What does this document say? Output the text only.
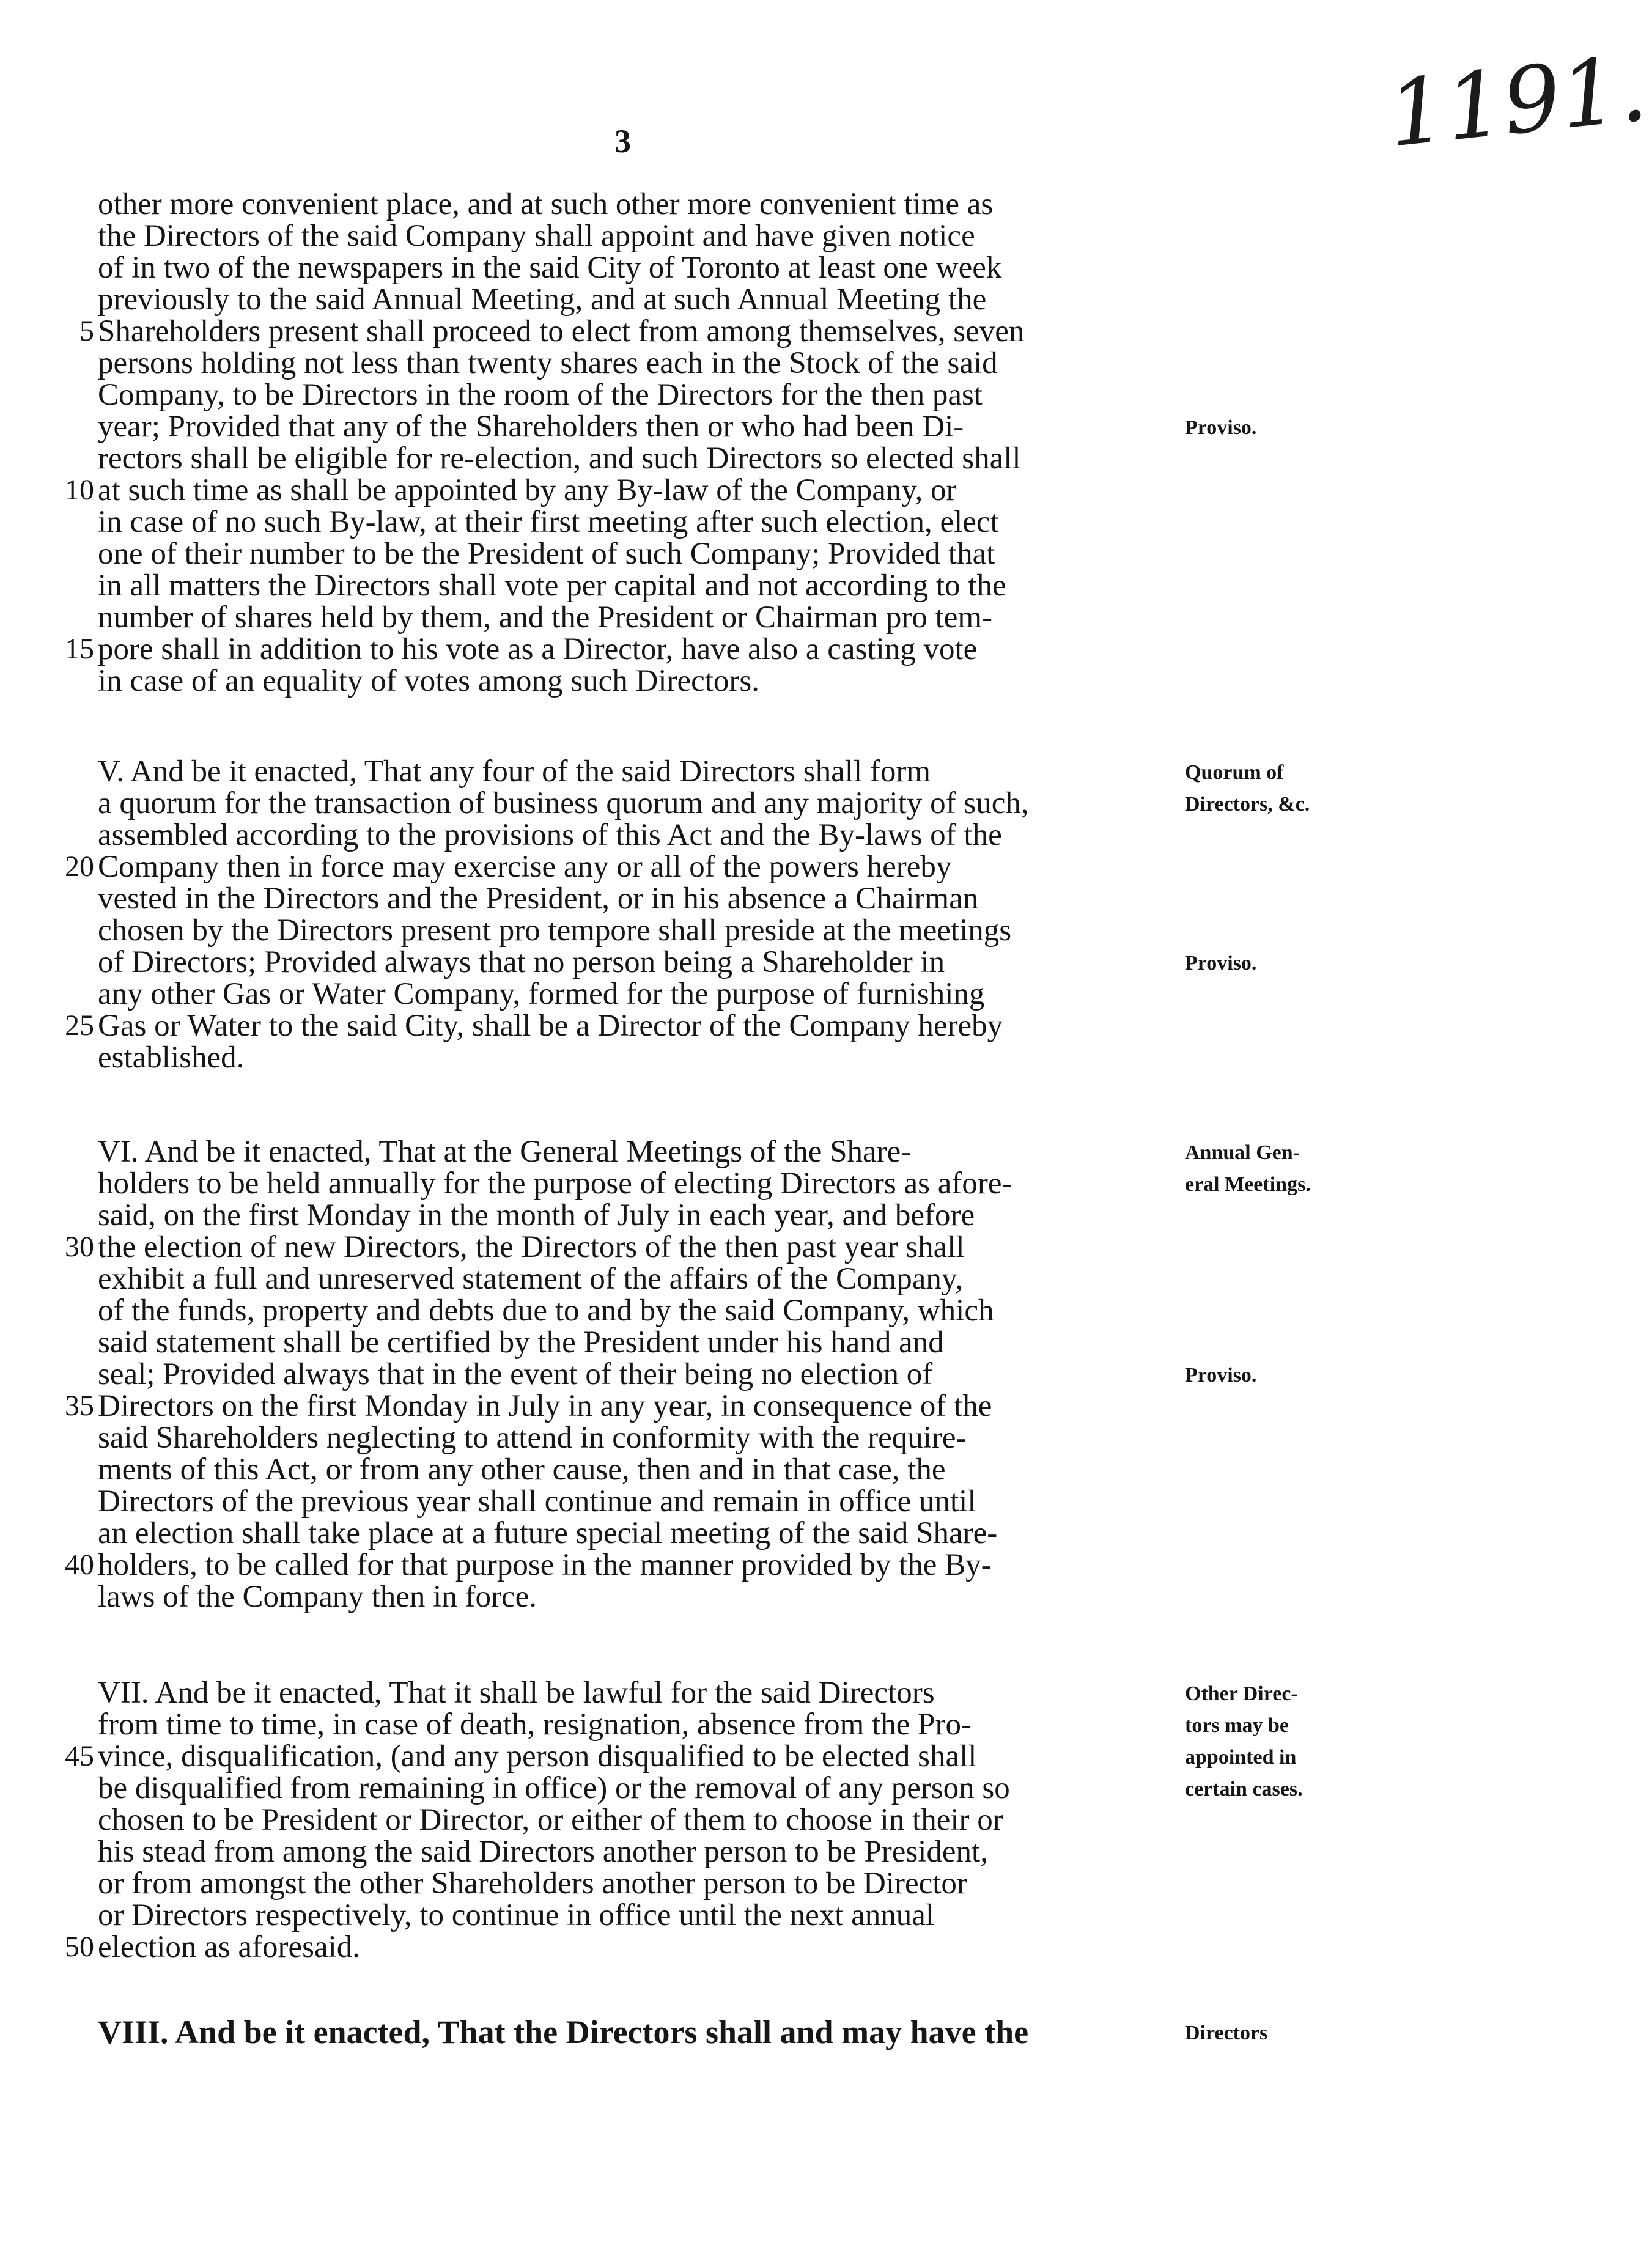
3	1191.
other more convenient place, and at such other more convenient time as
the Directors of the said Company shall appoint and have given notice
of in two of the newspapers in the said City of Toronto at least one week
previously to the said Annual Meeting, and at such Annual Meeting the
Shareholders present shall proceed to elect from among themselves, seven
5
persons holding not less than twenty shares each in the Stock of the said
Company, to be Directors in the room of the Directors for the then past
year; Provided that any of the Shareholders then or who had been Di-	Proviso.
rectors shall be eligible for re-election, and such Directors so elected shall
at such time as shall be appointed by any By-law of the Company, or
10
in case of no such By-law, at their first meeting after such election, elect
one of their number to be the President of such Company; Provided that
in all matters the Directors shall vote per capital and not according to the
number of shares held by them, and the President or Chairman pro tem-
pore shall in addition to his vote as a Director, have also a casting vote
15
in case of an equality of votes among such Directors.
V. And be it enacted, That any four of the said Directors shall form	Quorum of
a quorum for the transaction of business quorum and any majority of such,	Directors, &c.
assembled according to the provisions of this Act and the By-laws of the
Company then in force may exercise any or all of the powers hereby
20
vested in the Directors and the President, or in his absence a Chairman
chosen by the Directors present pro tempore shall preside at the meetings
of Directors; Provided always that no person being a Shareholder in	Proviso.
any other Gas or Water Company, formed for the purpose of furnishing
Gas or Water to the said City, shall be a Director of the Company hereby
25
established.
VI. And be it enacted, That at the General Meetings of the Share-	Annual Gen-
holders to be held annually for the purpose of electing Directors as afore-	eral Meetings.
said, on the first Monday in the month of July in each year, and before
the election of new Directors, the Directors of the then past year shall
30
exhibit a full and unreserved statement of the affairs of the Company,
of the funds, property and debts due to and by the said Company, which
said statement shall be certified by the President under his hand and
seal; Provided always that in the event of their being no election of	Proviso.
Directors on the first Monday in July in any year, in consequence of the
35
said Shareholders neglecting to attend in conformity with the require-
ments of this Act, or from any other cause, then and in that case, the
Directors of the previous year shall continue and remain in office until
an election shall take place at a future special meeting of the said Share-
holders, to be called for that purpose in the manner provided by the By-
40
laws of the Company then in force.
VII. And be it enacted, That it shall be lawful for the said Directors	Other Direc-
from time to time, in case of death, resignation, absence from the Pro-	tors may be
vince, disqualification, (and any person disqualified to be elected shall
45	appointed in
be disqualified from remaining in office) or the removal of any person so	certain cases.
chosen to be President or Director, or either of them to choose in their or
his stead from among the said Directors another person to be President,
or from amongst the other Shareholders another person to be Director
or Directors respectively, to continue in office until the next annual
election as aforesaid.
50
VIII. And be it enacted, That the Directors shall and may have the	Directors
